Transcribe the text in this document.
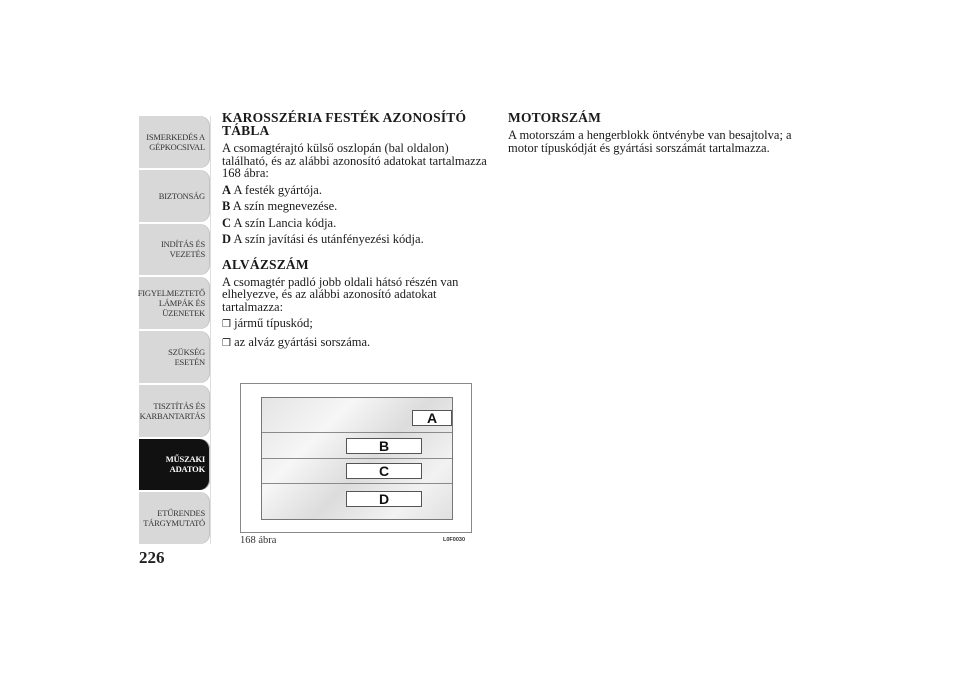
ISMERKEDÉS A
GÉPKOCSIVAL
BIZTONSÁG
INDÍTÁS ÉS
VEZETÉS
FIGYELMEZTETŐ
LÁMPÁK ÉS
ÜZENETEK
SZÜKSÉG ESETÉN
TISZTÍTÁS ÉS
KARBANTARTÁS
MŰSZAKI ADATOK
ETŰRENDES
TÁRGYMUTATÓ
226
KAROSSZÉRIA FESTÉK AZONOSÍTÓ TÁBLA

A csomagtérajtó külső oszlopán (bal oldalon) található, és az alábbi azonosító adatokat tartalmazza 168 ábra:

A A festék gyártója.
B A szín megnevezése.
C A szín Lancia kódja.
D A szín javítási és utánfényezési kódja.
ALVÁZSZÁM

A csomagtér padló jobb oldali hátsó részén van elhelyezve, és az alábbi azonosító adatokat tartalmazza:

❒ jármű típuskód;
❒ az alváz gyártási sorszáma.
MOTORSZÁM

A motorszám a hengerblokk öntvénybe van besajtolva; a motor típuskódját és gyártási sorszámát tartalmazza.

A
B
C
D
168 ábra	L0F0030
